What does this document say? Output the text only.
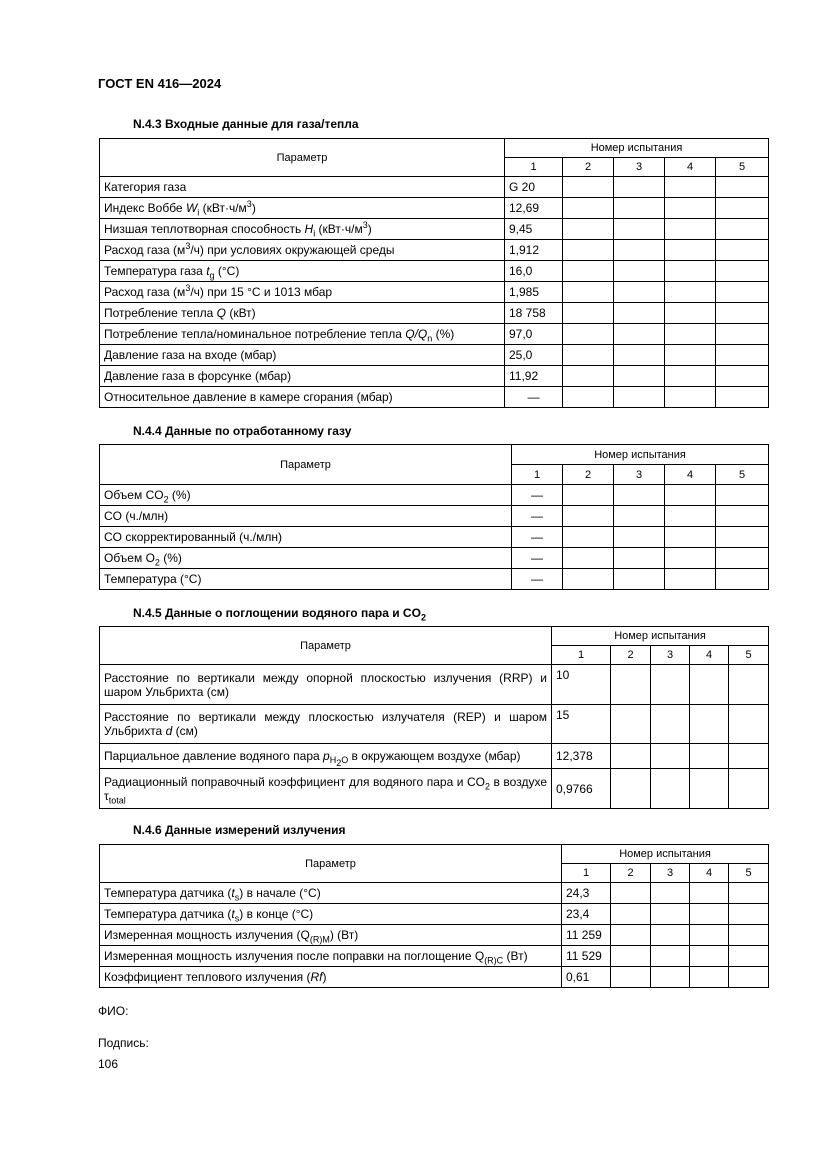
ГОСТ EN 416—2024
N.4.3 Входные данные для газа/тепла
Параметр	Номер испытания				
	1	2	3	4	5
Категория газа	G 20				
Индекс Воббе $W_i$ $(кВт\cdot ч/м^3)$	12,69				
Низшая теплотворная способность $H_i$ $(кВт\cdot ч/м^3)$	9,45				
Расход газа $(м^3/ч)$ при условиях окружающей среды	1,912				
Температура газа $t_g$ (°C)	16,0				
Расход газа $(м^3/ч)$ при 15 °C и 1013 мбар	1,985				
Потребление тепла Q (кВт)	18 758				
Потребление тепла/номинальное потребление тепла $Q/Q_n$ (%)	97,0				
Давление газа на входе (мбар)	25,0				
Давление газа в форсунке (мбар)	11,92				
Относительное давление в камере сгорания (мбар)	—				
N.4.4 Данные по отработанному газу
Параметр	Номер испытания				
	1	2	3	4	5
Объем $CO_2$ (%)	—				
CO (ч./млн)	—				
CO скорректированный (ч./млн)	—				
Объем $O_2$ (%)	—				
Температура (°C)	—				
N.4.5 Данные о поглощении водяного пара и $CO_2$
Параметр	Номер испытания				
	1	2	3	4	5
Расстояние по вертикали между опорной плоскостью излучения (RRP) и шаром Ульбрихта (см)	10				
Расстояние по вертикали между плоскостью излучателя (REP) и шаром Ульбрихта d (см)	15				
Парциальное давление водяного пара $p_{H_2O}$ в окружающем воздухе (мбар)	12,378				
Радиационный поправочный коэффициент для водяного пара и $CO_2$ в воздухе $\tau_{total}$	0,9766				
N.4.6 Данные измерений излучения
Параметр	Номер испытания				
	1	2	3	4	5
Температура датчика $(t_s)$ в начале (°C)	24,3				
Температура датчика $(t_s)$ в конце (°C)	23,4				
Измеренная мощность излучения $(Q_{(R)M})$ (Вт)	11 259				
Измеренная мощность излучения после поправки на поглощение $Q_{(R)C}$ (Вт)	11 529				
Коэффициент теплового излучения (Rf)	0,61				
ФИО:
Подпись:
106
